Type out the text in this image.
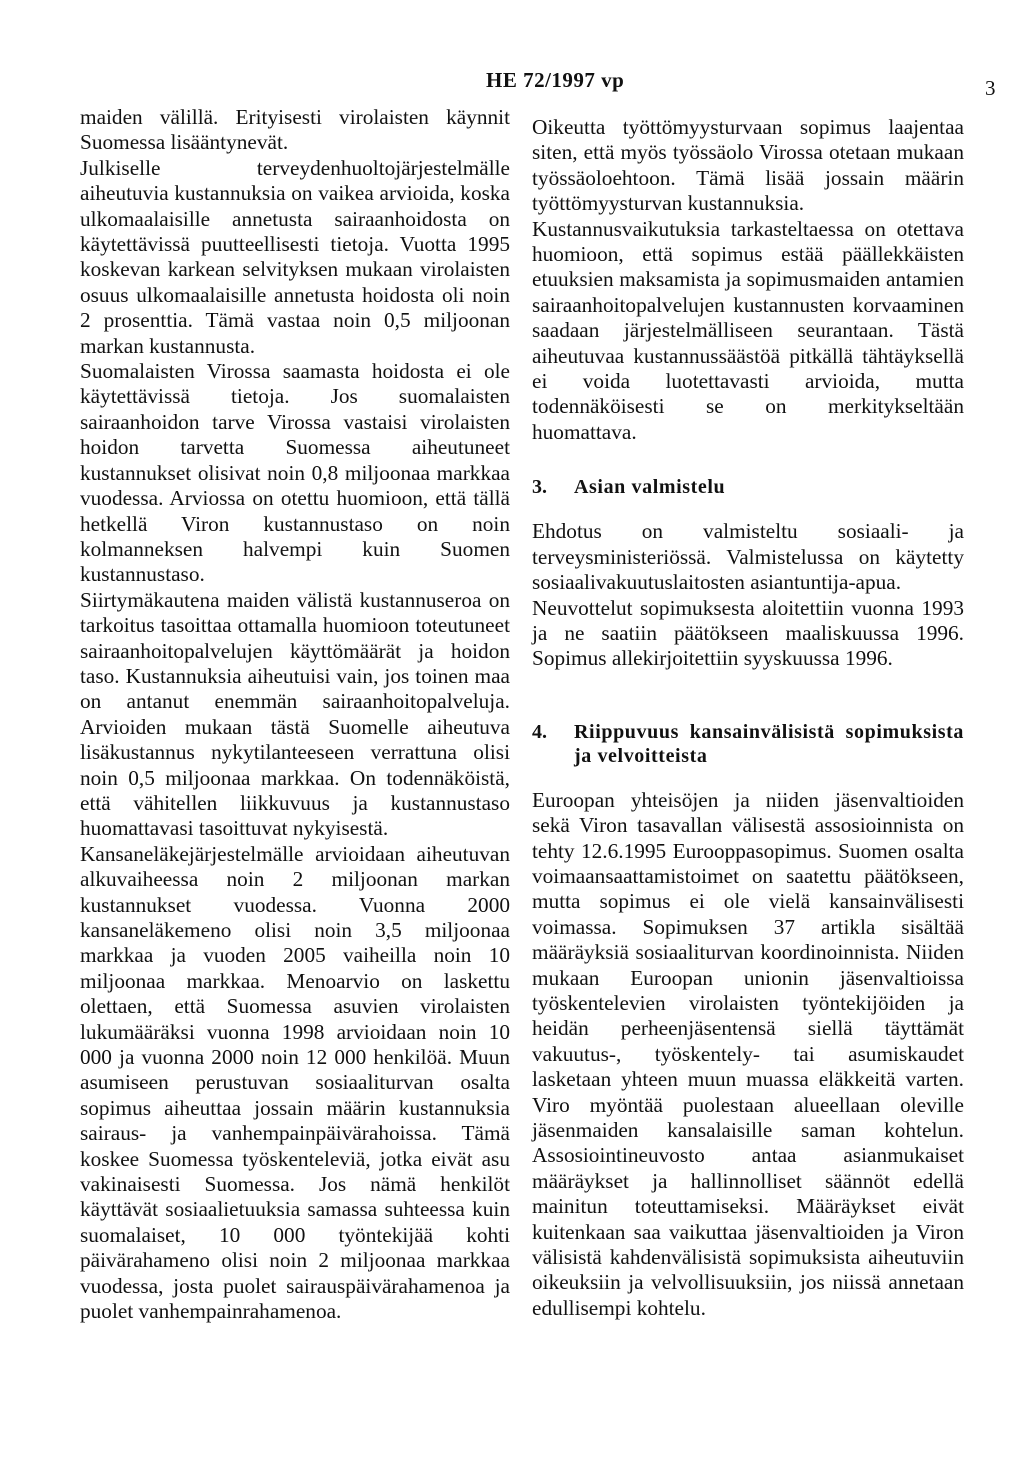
HE 72/1997 vp	3

maiden välillä. Erityisesti virolaisten käynnit Suomessa lisääntynevät.

Julkiselle terveydenhuoltojärjestelmälle aiheutuvia kustannuksia on vaikea arvioida, koska ulkomaalaisille annetusta sairaanhoidosta on käytettävissä puutteellisesti tietoja. Vuotta 1995 koskevan karkean selvityksen mukaan virolaisten osuus ulkomaalaisille annetusta hoidosta oli noin 2 prosenttia. Tämä vastaa noin 0,5 miljoonan markan kustannusta.

Suomalaisten Virossa saamasta hoidosta ei ole käytettävissä tietoja. Jos suomalaisten sairaanhoidon tarve Virossa vastaisi virolaisten hoidon tarvetta Suomessa aiheutuneet kustannukset olisivat noin 0,8 miljoonaa markkaa vuodessa. Arviossa on otettu huomioon, että tällä hetkellä Viron kustannustaso on noin kolmanneksen halvempi kuin Suomen kustannustaso.

Siirtymäkautena maiden välistä kustannuseroa on tarkoitus tasoittaa ottamalla huomioon toteutuneet sairaanhoitopalvelujen käyttömäärät ja hoidon taso. Kustannuksia aiheutuisi vain, jos toinen maa on antanut enemmän sairaanhoitopalveluja. Arvioiden mukaan tästä Suomelle aiheutuva lisäkustannus nykytilanteeseen verrattuna olisi noin 0,5 miljoonaa markkaa. On todennäköistä, että vähitellen liikkuvuus ja kustannustaso huomattavasi tasoittuvat nykyisestä.

Kansaneläkejärjestelmälle arvioidaan aiheutuvan alkuvaiheessa noin 2 miljoonan markan kustannukset vuodessa. Vuonna 2000 kansaneläkemeno olisi noin 3,5 miljoonaa markkaa ja vuoden 2005 vaiheilla noin 10 miljoonaa markkaa. Menoarvio on laskettu olettaen, että Suomessa asuvien virolaisten lukumääräksi vuonna 1998 arvioidaan noin 10 000 ja vuonna 2000 noin 12 000 henkilöä. Muun asumiseen perustuvan sosiaaliturvan osalta sopimus aiheuttaa jossain määrin kustannuksia sairaus- ja vanhempainpäivärahoissa. Tämä koskee Suomessa työskenteleviä, jotka eivät asu vakinaisesti Suomessa. Jos nämä henkilöt käyttävät sosiaalietuuksia samassa suhteessa kuin suomalaiset, 10 000 työntekijää kohti päivärahameno olisi noin 2 miljoonaa markkaa vuodessa, josta puolet sairauspäivärahamenoa ja puolet vanhempainrahamenoa.

Oikeutta työttömyysturvaan sopimus laajentaa siten, että myös työssäolo Virossa otetaan mukaan työssäoloehtoon. Tämä lisää jossain määrin työttömyysturvan kustannuksia.

Kustannusvaikutuksia tarkasteltaessa on otettava huomioon, että sopimus estää päällekkäisten etuuksien maksamista ja sopimusmaiden antamien sairaanhoitopalvelujen kustannusten korvaaminen saadaan järjestelmälliseen seurantaan. Tästä aiheutuvaa kustannussäästöä pitkällä tähtäyksellä ei voida luotettavasti arvioida, mutta todennäköisesti se on merkitykseltään huomattava.

3.	Asian valmistelu

Ehdotus on valmisteltu sosiaali- ja terveysministeriössä. Valmistelussa on käytetty sosiaalivakuutuslaitosten asiantuntija-apua.

Neuvottelut sopimuksesta aloitettiin vuonna 1993 ja ne saatiin päätökseen maaliskuussa 1996. Sopimus allekirjoitettiin syyskuussa 1996.

4.	Riippuvuus kansainvälisistä sopimuksista ja velvoitteista

Euroopan yhteisöjen ja niiden jäsenvaltioiden sekä Viron tasavallan välisestä assosioinnista on tehty 12.6.1995 Eurooppasopimus. Suomen osalta voimaansaattamistoimet on saatettu päätökseen, mutta sopimus ei ole vielä kansainvälisesti voimassa. Sopimuksen 37 artikla sisältää määräyksiä sosiaaliturvan koordinoinnista. Niiden mukaan Euroopan unionin jäsenvaltioissa työskentelevien virolaisten työntekijöiden ja heidän perheenjäsentensä siellä täyttämät vakuutus-, työskentely- tai asumiskaudet lasketaan yhteen muun muassa eläkkeitä varten. Viro myöntää puolestaan alueellaan oleville jäsenmaiden kansalaisille saman kohtelun. Assosiointineuvosto antaa asianmukaiset määräykset ja hallinnolliset säännöt edellä mainitun toteuttamiseksi. Määräykset eivät kuitenkaan saa vaikuttaa jäsenvaltioiden ja Viron välisistä kahdenvälisistä sopimuksista aiheutuviin oikeuksiin ja velvollisuuksiin, jos niissä annetaan edullisempi kohtelu.
